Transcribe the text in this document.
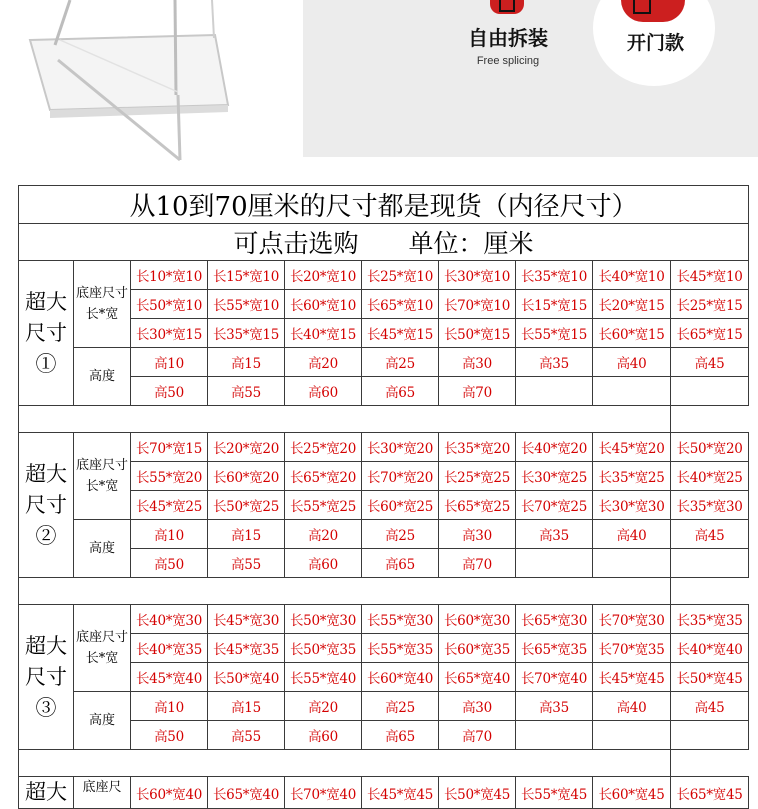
自由拆装
Free splicing
开门款
从10到70厘米的尺寸都是现货（内径尺寸）									
可点击选购　　单位：厘米									
超大尺寸①	底座尺寸长*宽	长10*宽10	长15*宽10	长20*宽10	长25*宽10	长30*宽10	长35*宽10	长40*宽10	长45*宽10
		长50*宽10	长55*宽10	长60*宽10	长65*宽10	长70*宽10	长15*宽15	长20*宽15	长25*宽15
		长30*宽15	长35*宽15	长40*宽15	长45*宽15	长50*宽15	长55*宽15	长60*宽15	长65*宽15
	高度	高10	高15	高20	高25	高30	高35	高40	高45
		高50	高55	高60	高65	高70			

超大尺寸②	底座尺寸长*宽	长70*宽15	长20*宽20	长25*宽20	长30*宽20	长35*宽20	长40*宽20	长45*宽20	长50*宽20
		长55*宽20	长60*宽20	长65*宽20	长70*宽20	长25*宽25	长30*宽25	长35*宽25	长40*宽25
		长45*宽25	长50*宽25	长55*宽25	长60*宽25	长65*宽25	长70*宽25	长30*宽30	长35*宽30
	高度	高10	高15	高20	高25	高30	高35	高40	高45
		高50	高55	高60	高65	高70			

超大尺寸③	底座尺寸长*宽	长40*宽30	长45*宽30	长50*宽30	长55*宽30	长60*宽30	长65*宽30	长70*宽30	长35*宽35
		长40*宽35	长45*宽35	长50*宽35	长55*宽35	长60*宽35	长65*宽35	长70*宽35	长40*宽40
		长45*宽40	长50*宽40	长55*宽40	长60*宽40	长65*宽40	长70*宽40	长45*宽45	长50*宽45
	高度	高10	高15	高20	高25	高30	高35	高40	高45
		高50	高55	高60	高65	高70			

超大	底座尺	长60*宽40	长65*宽40	长70*宽40	长45*宽45	长50*宽45	长55*宽45	长60*宽45	长65*宽45
